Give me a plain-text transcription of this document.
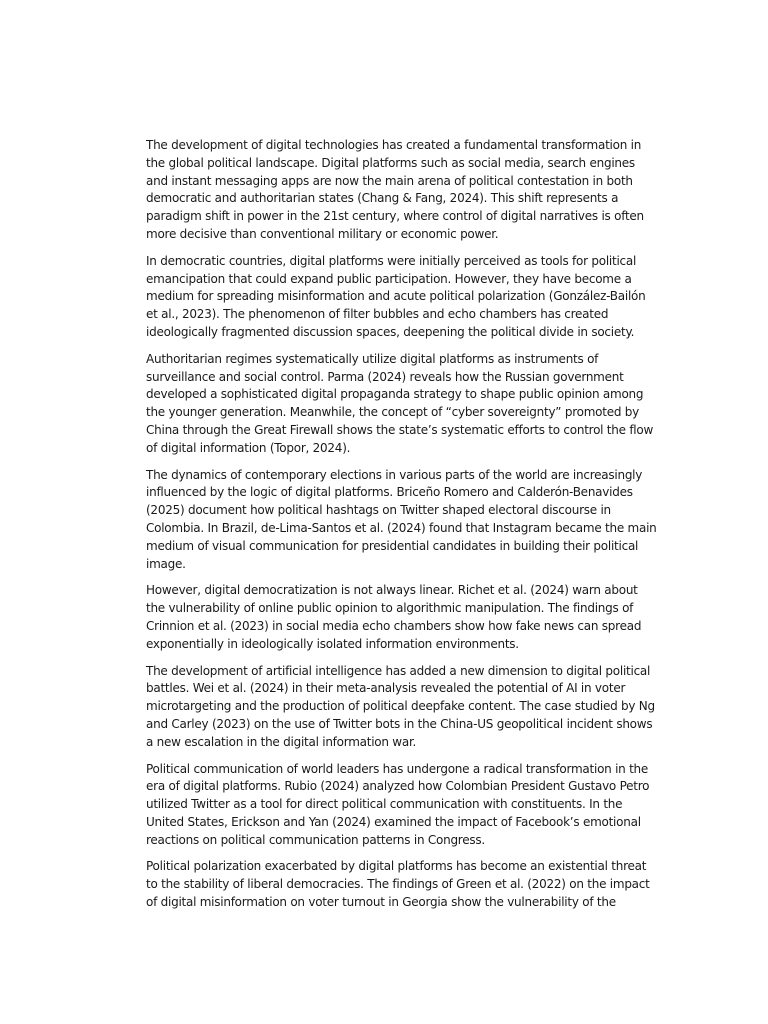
The development of digital technologies has created a fundamental transformation in the global political landscape. Digital platforms such as social media, search engines and instant messaging apps are now the main arena of political contestation in both democratic and authoritarian states (Chang & Fang, 2024). This shift represents a paradigm shift in power in the 21st century, where control of digital narratives is often more decisive than conventional military or economic power.

In democratic countries, digital platforms were initially perceived as tools for political emancipation that could expand public participation. However, they have become a medium for spreading misinformation and acute political polarization (González-Bailón et al., 2023). The phenomenon of filter bubbles and echo chambers has created ideologically fragmented discussion spaces, deepening the political divide in society.

Authoritarian regimes systematically utilize digital platforms as instruments of surveillance and social control. Parma (2024) reveals how the Russian government developed a sophisticated digital propaganda strategy to shape public opinion among the younger generation. Meanwhile, the concept of “cyber sovereignty” promoted by China through the Great Firewall shows the state’s systematic efforts to control the flow of digital information (Topor, 2024).

The dynamics of contemporary elections in various parts of the world are increasingly influenced by the logic of digital platforms. Briceño Romero and Calderón-Benavides (2025) document how political hashtags on Twitter shaped electoral discourse in Colombia. In Brazil, de-Lima-Santos et al. (2024) found that Instagram became the main medium of visual communication for presidential candidates in building their political image.

However, digital democratization is not always linear. Richet et al. (2024) warn about the vulnerability of online public opinion to algorithmic manipulation. The findings of Crinnion et al. (2023) in social media echo chambers show how fake news can spread exponentially in ideologically isolated information environments.

The development of artificial intelligence has added a new dimension to digital political battles. Wei et al. (2024) in their meta-analysis revealed the potential of AI in voter microtargeting and the production of political deepfake content. The case studied by Ng and Carley (2023) on the use of Twitter bots in the China-US geopolitical incident shows a new escalation in the digital information war.

Political communication of world leaders has undergone a radical transformation in the era of digital platforms. Rubio (2024) analyzed how Colombian President Gustavo Petro utilized Twitter as a tool for direct political communication with constituents. In the United States, Erickson and Yan (2024) examined the impact of Facebook’s emotional reactions on political communication patterns in Congress.

Political polarization exacerbated by digital platforms has become an existential threat to the stability of liberal democracies. The findings of Green et al. (2022) on the impact of digital misinformation on voter turnout in Georgia show the vulnerability of the
